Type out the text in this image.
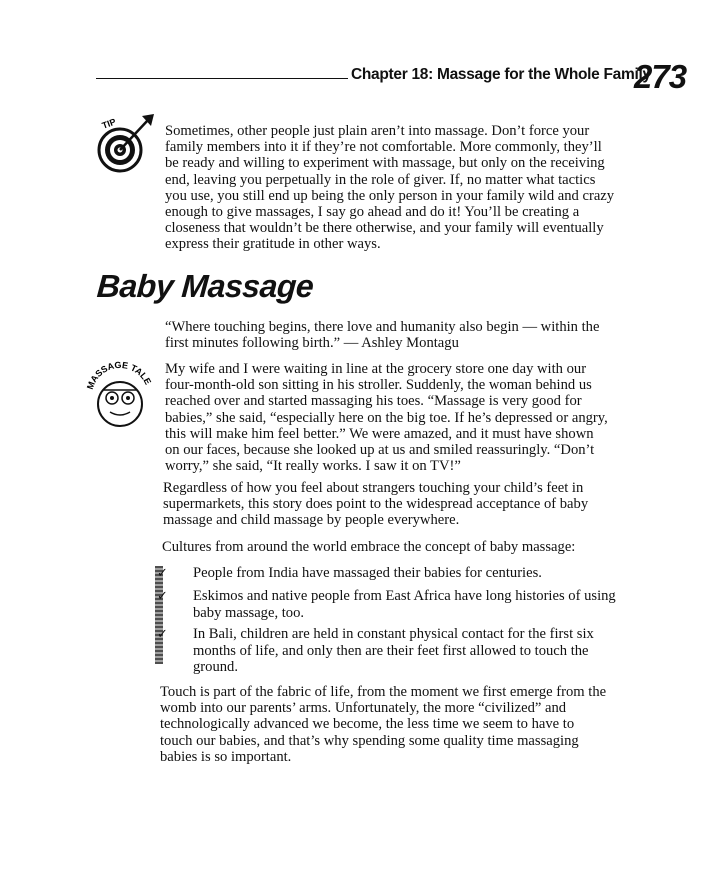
Chapter 18: Massage for the Whole Family
273
TIP	Sometimes, other people just plain aren’t into massage. Don’t force your family members into it if they’re not comfortable. More commonly, they’ll be ready and willing to experiment with massage, but only on the receiving end, leaving you perpetually in the role of giver. If, no matter what tactics you use, you still end up being the only person in your family wild and crazy enough to give massages, I say go ahead and do it! You’ll be creating a closeness that wouldn’t be there otherwise, and your family will eventually express their gratitude in other ways.

Baby Massage

“Where touching begins, there love and humanity also begin — within the first minutes following birth.” — Ashley Montagu

MASSAGE TALE

My wife and I were waiting in line at the grocery store one day with our four-month-old son sitting in his stroller. Suddenly, the woman behind us reached over and started massaging his toes. “Massage is very good for babies,” she said, “especially here on the big toe. If he’s depressed or angry, this will make him feel better.” We were amazed, and it must have shown on our faces, because she looked up at us and smiled reassuringly. “Don’t worry,” she said, “It really works. I saw it on TV!”

Regardless of how you feel about strangers touching your child’s feet in supermarkets, this story does point to the widespread acceptance of baby massage and child massage by people everywhere.

Cultures from around the world embrace the concept of baby massage:

✓ People from India have massaged their babies for centuries.
✓ Eskimos and native people from East Africa have long histories of using baby massage, too.
✓ In Bali, children are held in constant physical contact for the first six months of life, and only then are their feet first allowed to touch the ground.

Touch is part of the fabric of life, from the moment we first emerge from the womb into our parents’ arms. Unfortunately, the more “civilized” and technologically advanced we become, the less time we seem to have to touch our babies, and that’s why spending some quality time massaging babies is so important.
